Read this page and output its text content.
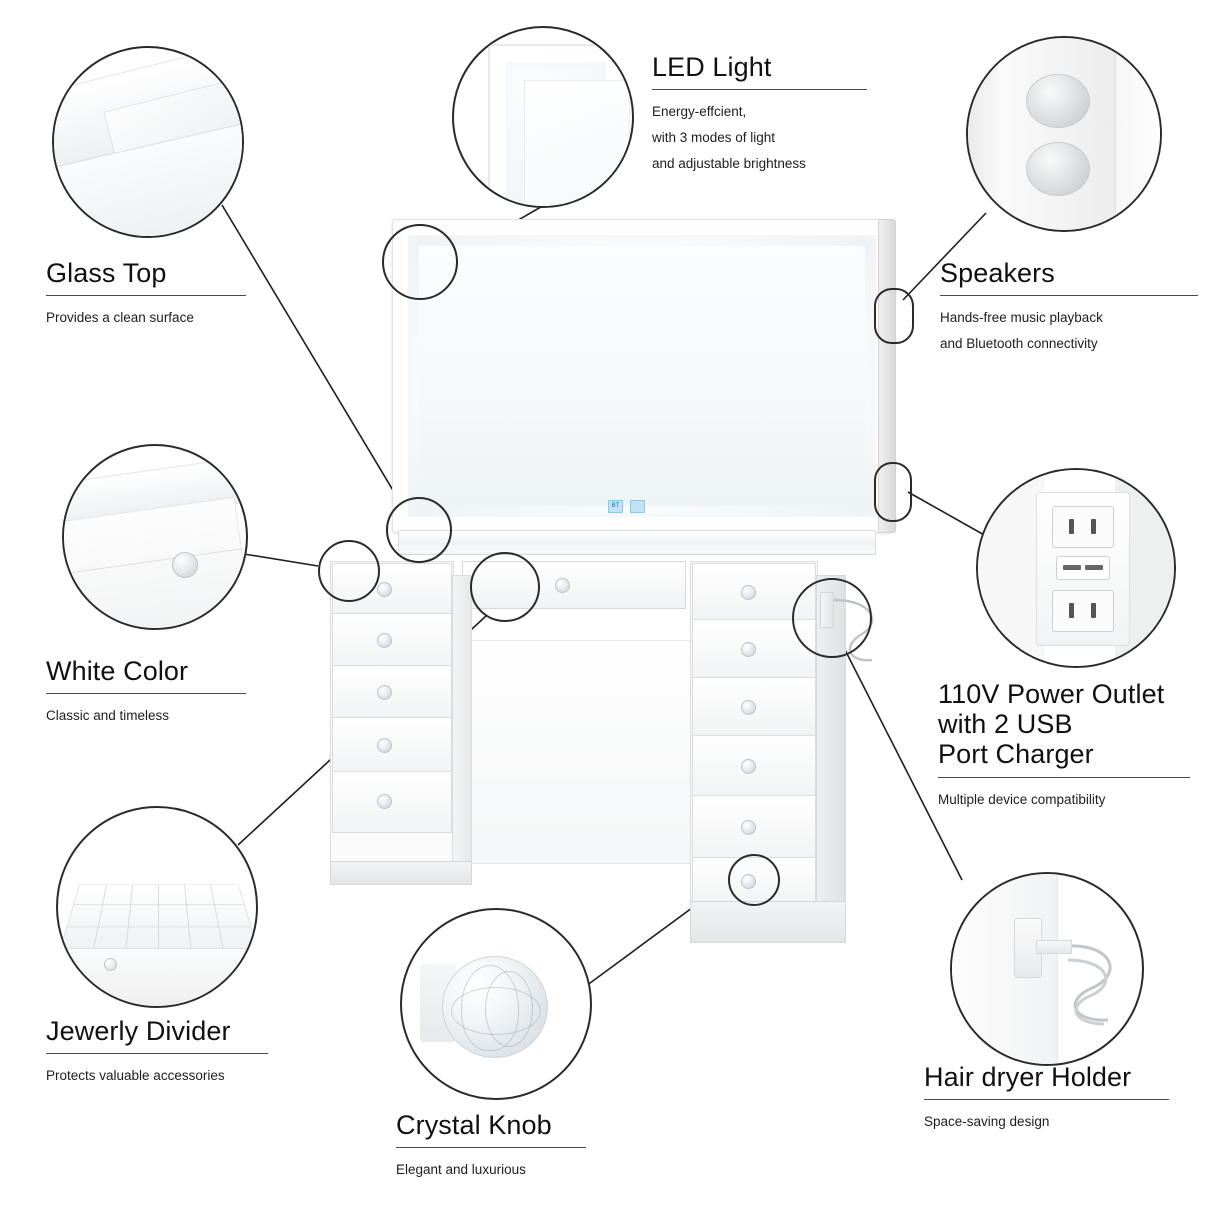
BT
Glass Top
Provides a clean surface
LED Light
Energy-effcient,
with 3 modes of light
and adjustable brightness
Speakers
Hands-free music playback
and Bluetooth connectivity
White Color
Classic and timeless
110V Power Outlet
with 2 USB
Port Charger
Multiple device compatibility
Jewerly Divider
Protects valuable accessories
Crystal Knob
Elegant and luxurious
Hair dryer Holder
Space-saving design
